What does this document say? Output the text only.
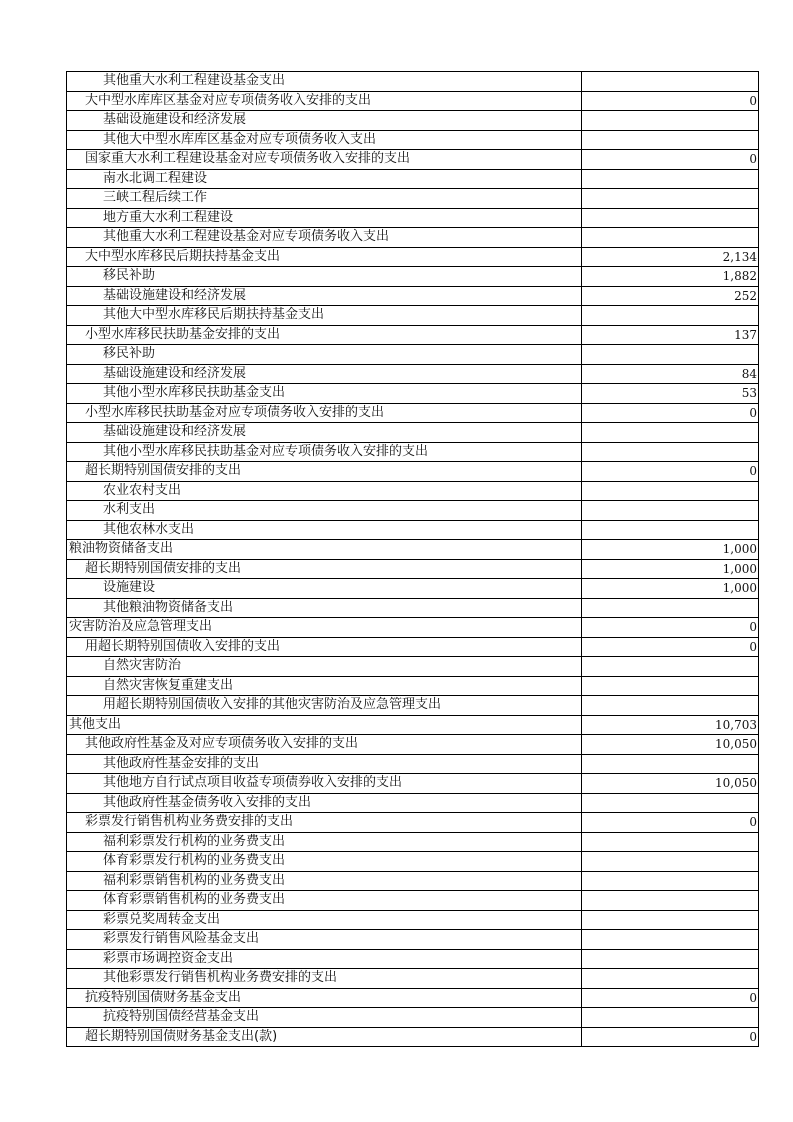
其他重大水利工程建设基金支出	
大中型水库库区基金对应专项债务收入安排的支出	0
基础设施建设和经济发展	
其他大中型水库库区基金对应专项债务收入支出	
国家重大水利工程建设基金对应专项债务收入安排的支出	0
南水北调工程建设	
三峡工程后续工作	
地方重大水利工程建设	
其他重大水利工程建设基金对应专项债务收入支出	
大中型水库移民后期扶持基金支出	2,134
移民补助	1,882
基础设施建设和经济发展	252
其他大中型水库移民后期扶持基金支出	
小型水库移民扶助基金安排的支出	137
移民补助	
基础设施建设和经济发展	84
其他小型水库移民扶助基金支出	53
小型水库移民扶助基金对应专项债务收入安排的支出	0
基础设施建设和经济发展	
其他小型水库移民扶助基金对应专项债务收入安排的支出	
超长期特别国债安排的支出	0
农业农村支出	
水利支出	
其他农林水支出	
粮油物资储备支出	1,000
超长期特别国债安排的支出	1,000
设施建设	1,000
其他粮油物资储备支出	
灾害防治及应急管理支出	0
用超长期特别国债收入安排的支出	0
自然灾害防治	
自然灾害恢复重建支出	
用超长期特别国债收入安排的其他灾害防治及应急管理支出	
其他支出	10,703
其他政府性基金及对应专项债务收入安排的支出	10,050
其他政府性基金安排的支出	
其他地方自行试点项目收益专项债券收入安排的支出	10,050
其他政府性基金债务收入安排的支出	
彩票发行销售机构业务费安排的支出	0
福利彩票发行机构的业务费支出	
体育彩票发行机构的业务费支出	
福利彩票销售机构的业务费支出	
体育彩票销售机构的业务费支出	
彩票兑奖周转金支出	
彩票发行销售风险基金支出	
彩票市场调控资金支出	
其他彩票发行销售机构业务费安排的支出	
抗疫特别国债财务基金支出	0
抗疫特别国债经营基金支出	
超长期特别国债财务基金支出(款)	0
